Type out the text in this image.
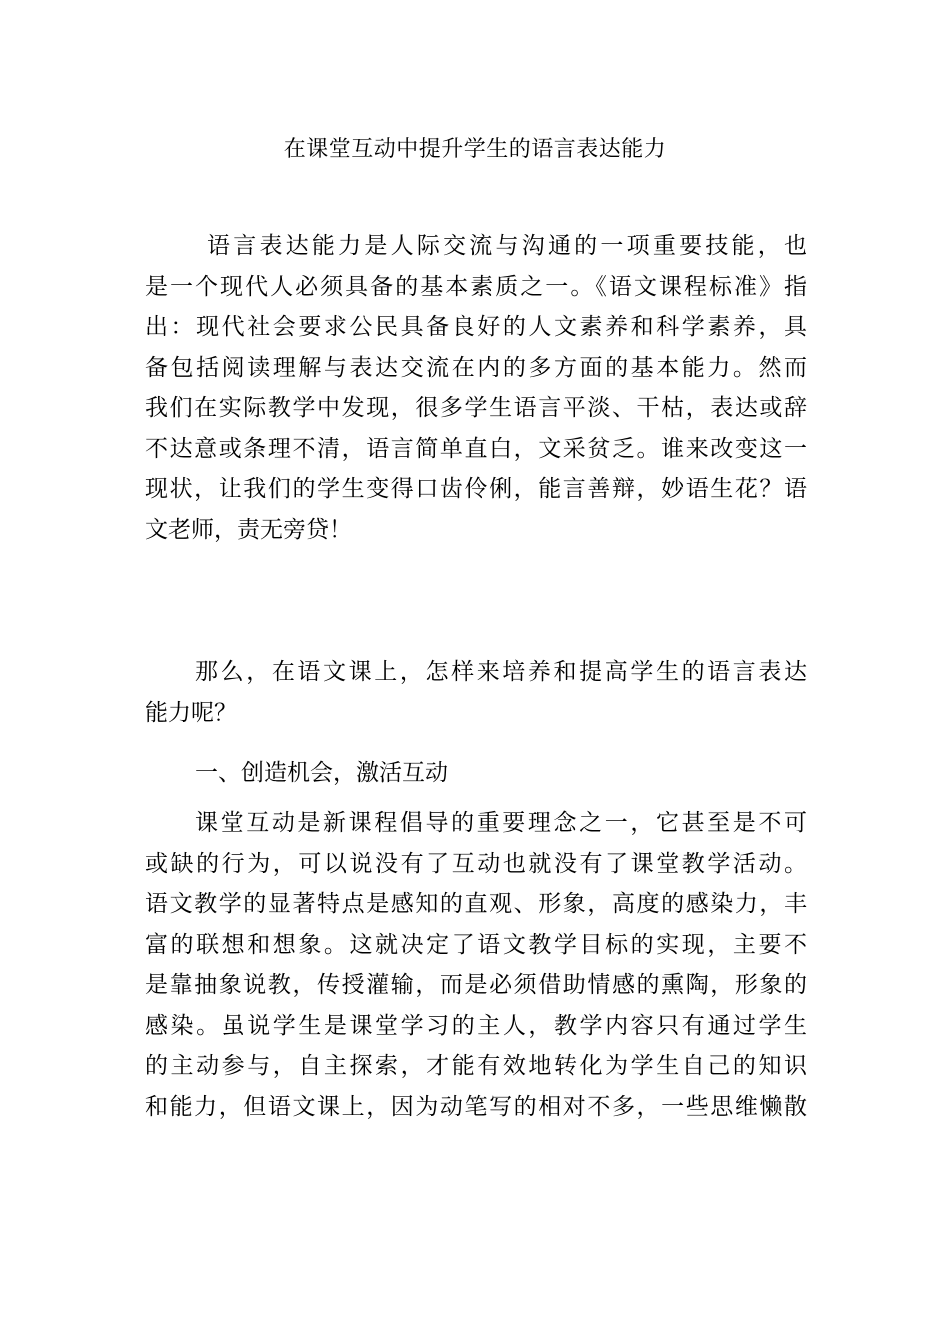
在课堂互动中提升学生的语言表达能力
语言表达能力是人际交流与沟通的一项重要技能，也
是一个现代人必须具备的基本素质之一。《语文课程标准》指
出：现代社会要求公民具备良好的人文素养和科学素养，具
备包括阅读理解与表达交流在内的多方面的基本能力。然而
我们在实际教学中发现，很多学生语言平淡、干枯，表达或辞
不达意或条理不清，语言简单直白，文采贫乏。谁来改变这一
现状，让我们的学生变得口齿伶俐，能言善辩，妙语生花？语
文老师，责无旁贷！
那么，在语文课上，怎样来培养和提高学生的语言表达
能力呢？
一、创造机会，激活互动
课堂互动是新课程倡导的重要理念之一，它甚至是不可
或缺的行为，可以说没有了互动也就没有了课堂教学活动。
语文教学的显著特点是感知的直观、形象，高度的感染力，丰
富的联想和想象。这就决定了语文教学目标的实现，主要不
是靠抽象说教，传授灌输，而是必须借助情感的熏陶，形象的
感染。虽说学生是课堂学习的主人，教学内容只有通过学生
的主动参与，自主探索，才能有效地转化为学生自己的知识
和能力，但语文课上，因为动笔写的相对不多，一些思维懒散
